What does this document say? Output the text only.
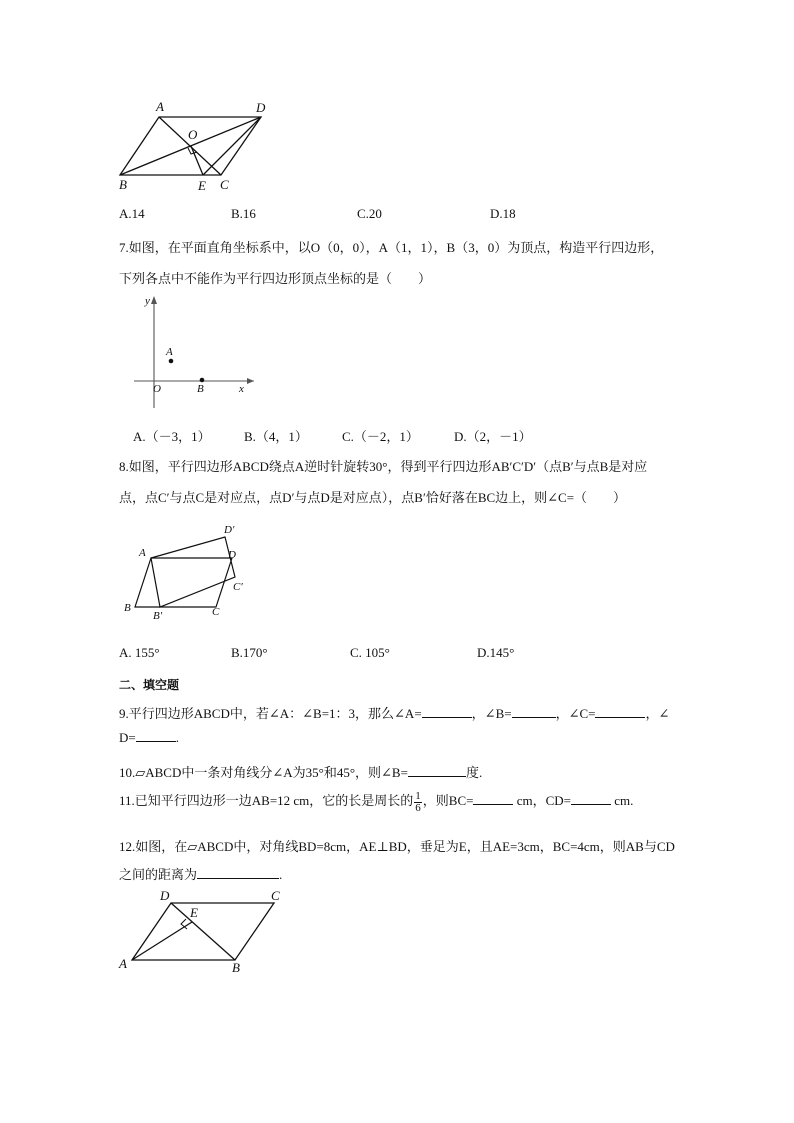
A	D
O
B	E C
A.14	B.16	C.20	D.18
7.如图，在平面直角坐标系中，以O（0，0），A（1，1），B（3，0）为顶点，构造平行四边形，
下列各点中不能作为平行四边形顶点坐标的是（　　）
y
x
A
O	B
A.（－3，1）	B.（4，1）	C.（－2，1）	D.（2，－1）
8.如图，平行四边形ABCD绕点A逆时针旋转30°，得到平行四边形AB′C′D′（点B′与点B是对应
点，点C′与点C是对应点，点D′与点D是对应点），点B′恰好落在BC边上，则∠C=（　　）
A
D′
D
C′
B
B′	C
A. 155°	B.170°	C. 105°	D.145°
二、填空题
9.平行四边形ABCD中，若∠A：∠B=1：3，那么∠A=	，∠B=	，∠C=	，∠
D=	.
10.▱ABCD中一条对角线分∠A为35°和45°，则∠B=	度.
11.已知平行四边形一边AB=12 cm，它的长是周长的 $\frac{1}{6}$ ，则BC=	cm，CD=	cm.
12.如图，在▱ABCD中，对角线BD=8cm，AE⊥BD，垂足为E，且AE=3cm，BC=4cm，则AB与CD
之间的距离为	.
D
E
C
A	B
